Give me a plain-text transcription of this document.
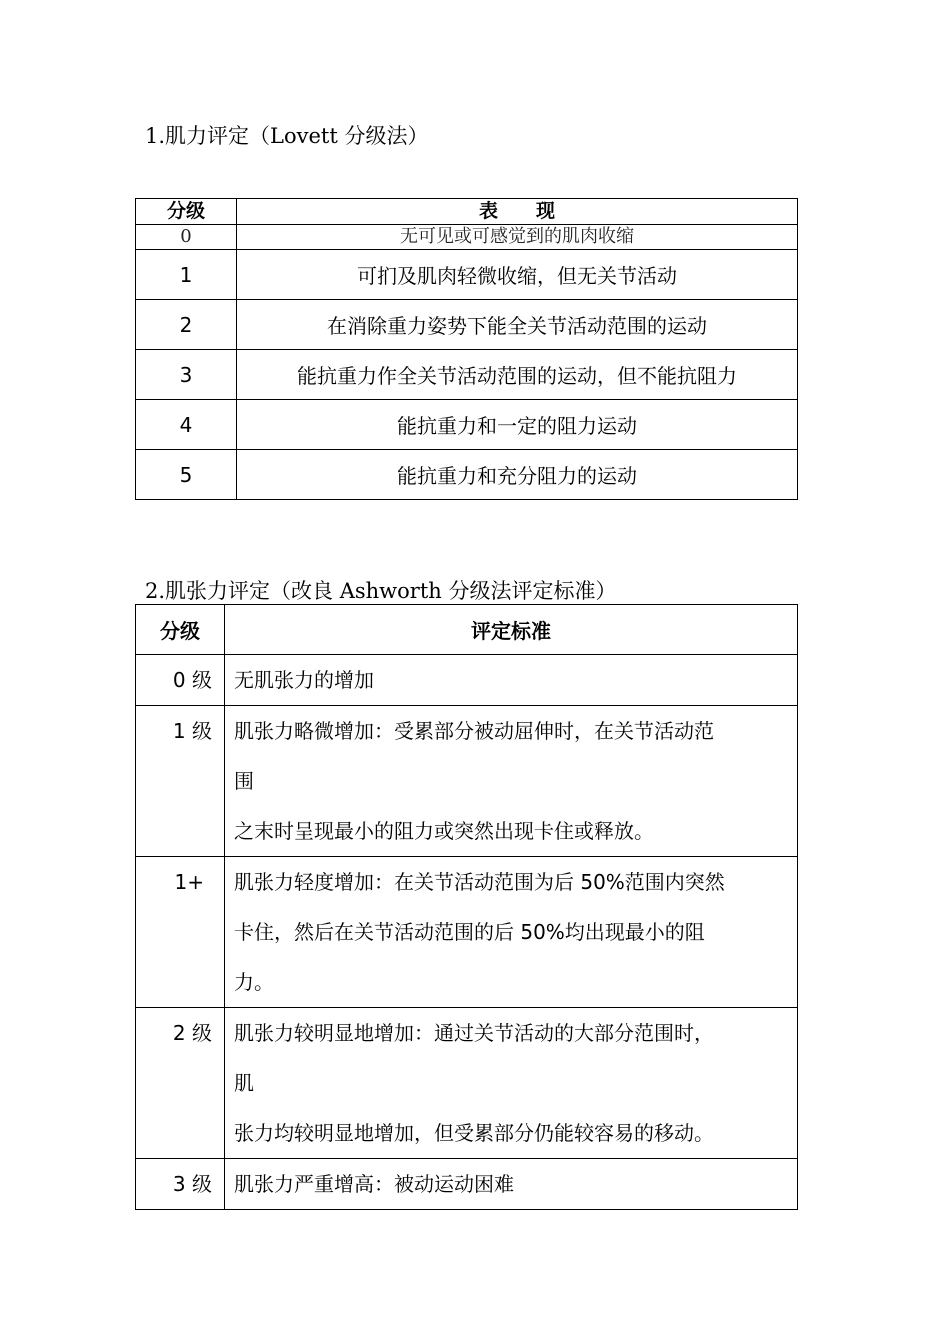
1.肌力评定（Lovett 分级法）
分级	表　　现
0	无可见或可感觉到的肌肉收缩
1	可扪及肌肉轻微收缩，但无关节活动
2	在消除重力姿势下能全关节活动范围的运动
3	能抗重力作全关节活动范围的运动，但不能抗阻力
4	能抗重力和一定的阻力运动
5	能抗重力和充分阻力的运动
2.肌张力评定（改良 Ashworth 分级法评定标准）
分级	评定标准
0 级	无肌张力的增加

1 级	肌张力略微增加：受累部分被动屈伸时，在关节活动范
围
之末时呈现最小的阻力或突然出现卡住或释放。

1+	肌张力轻度增加：在关节活动范围为后 50%范围内突然
卡住，然后在关节活动范围的后 50%均出现最小的阻
力。

2 级	肌张力较明显地增加：通过关节活动的大部分范围时，
肌
张力均较明显地增加，但受累部分仍能较容易的移动。

3 级	肌张力严重增高：被动运动困难
